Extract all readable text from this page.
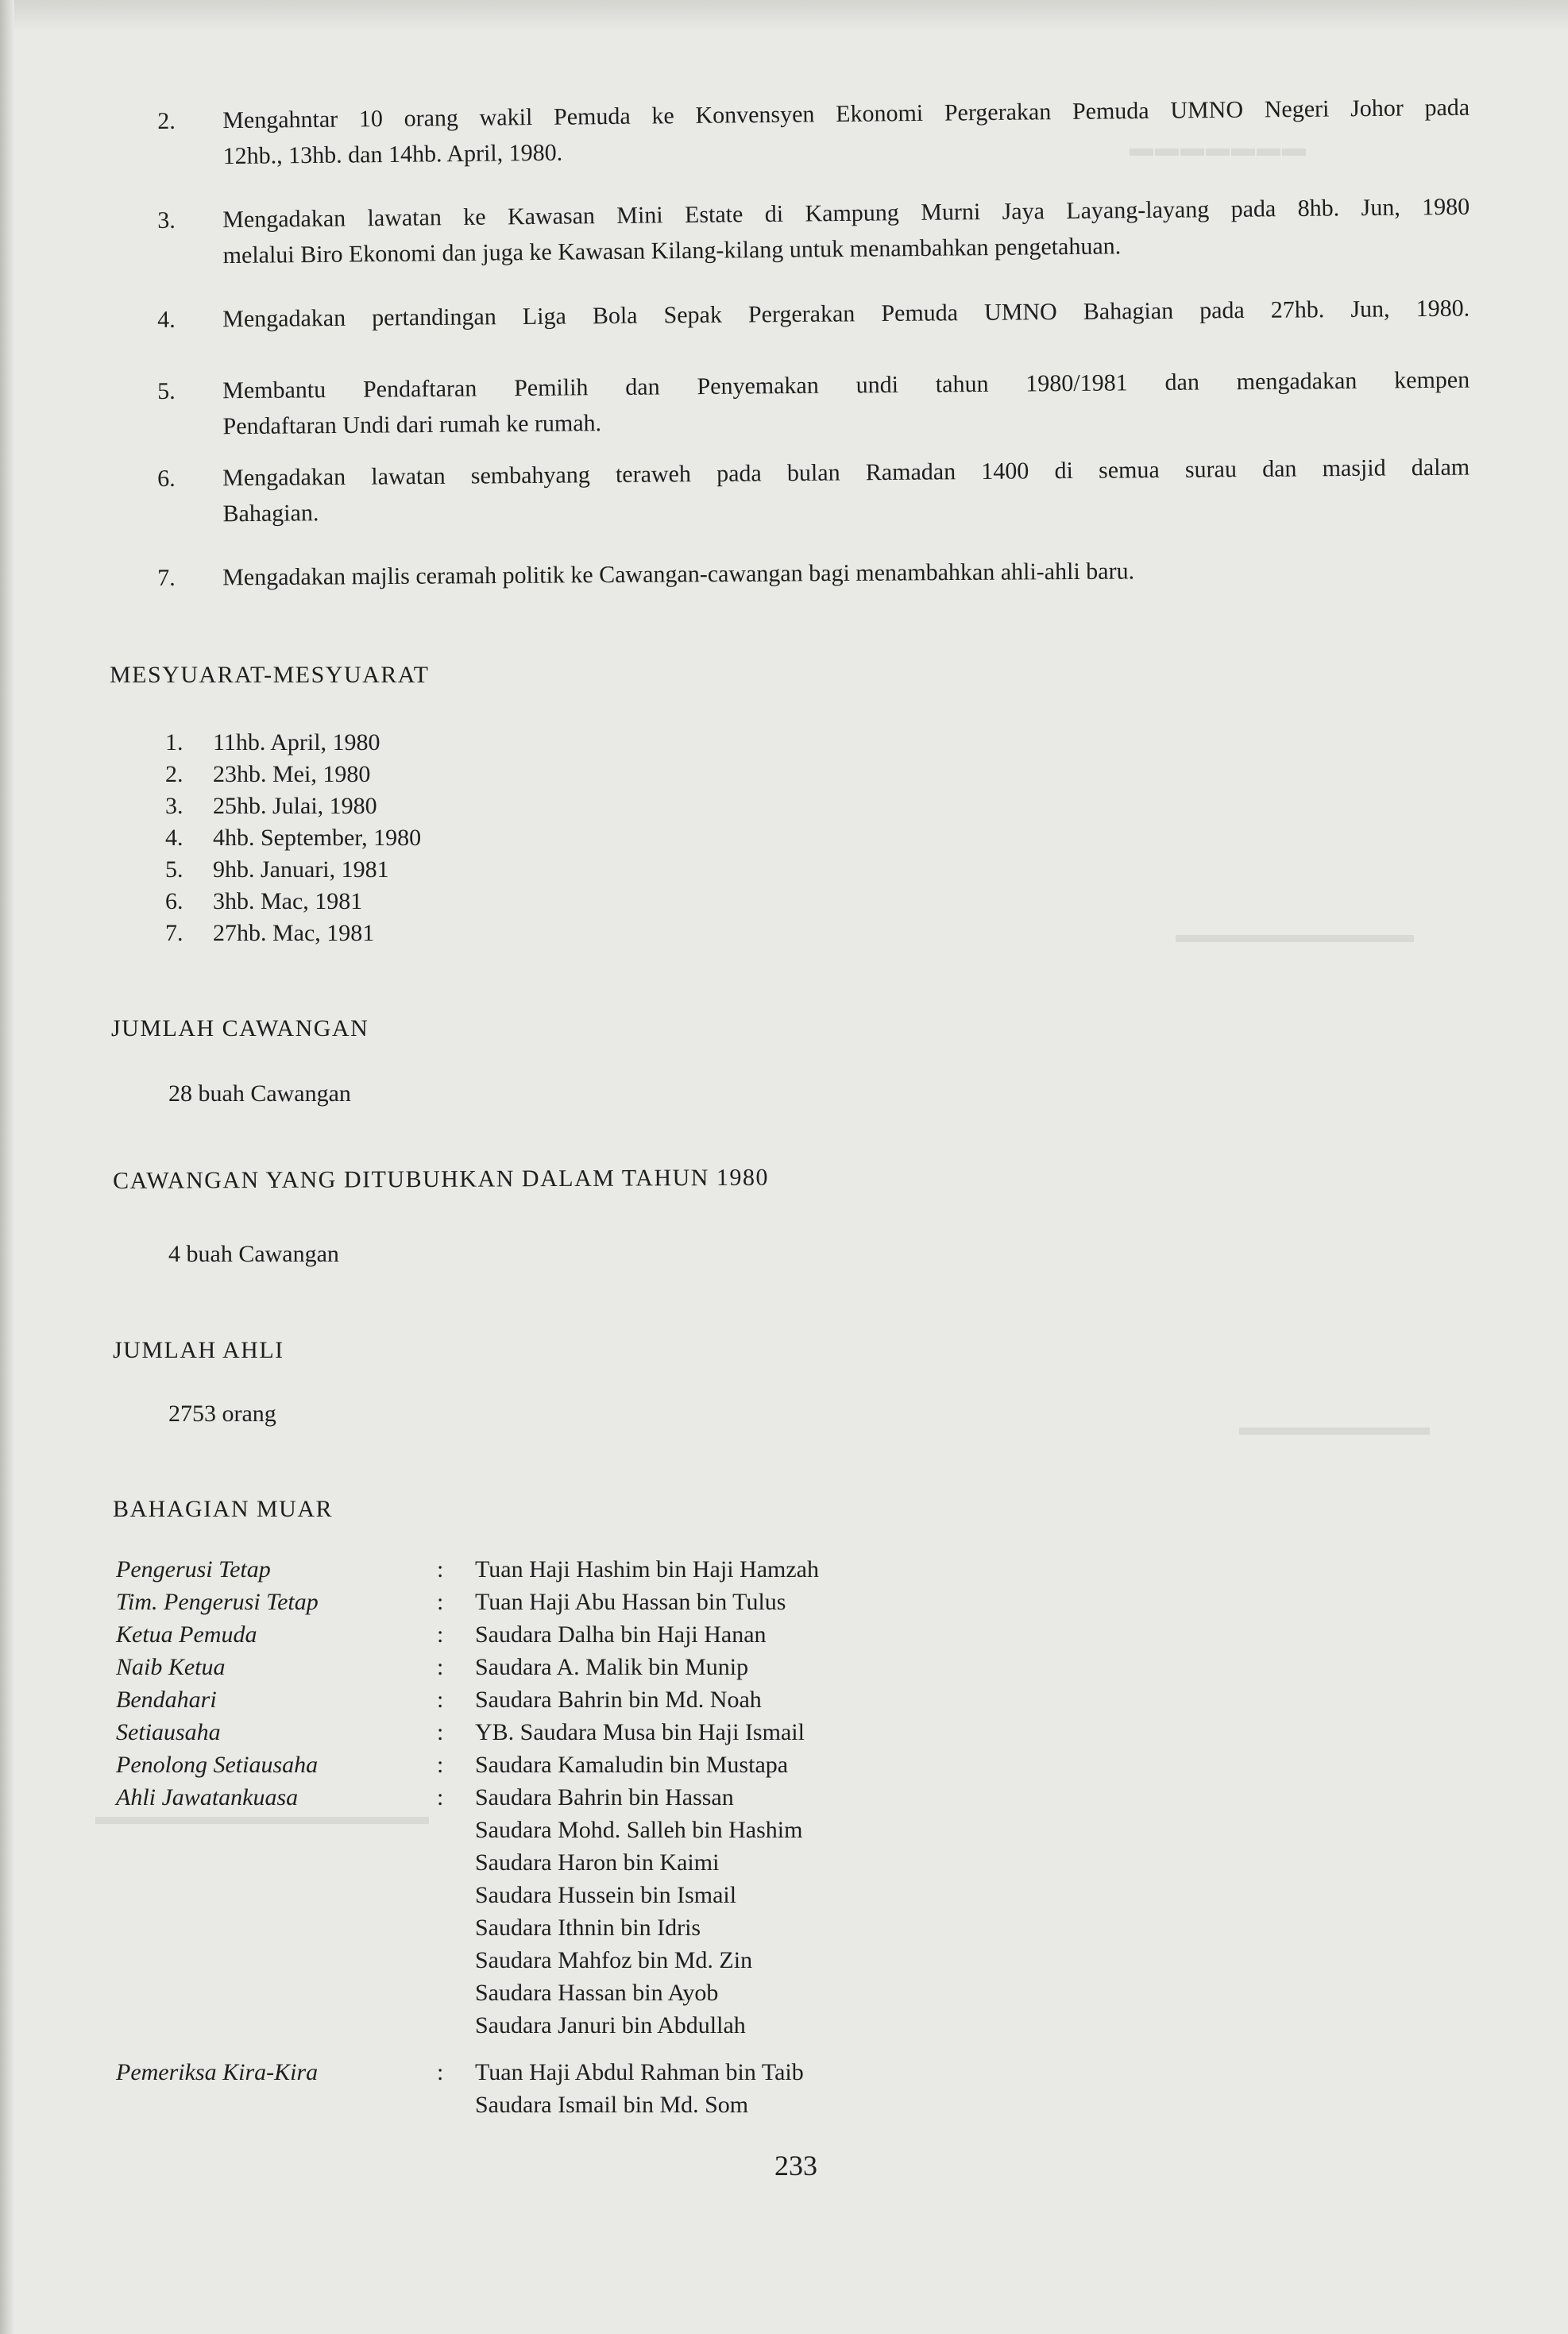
▬▬▬▬▬▬▬
▬▬▬▬▬▬▬▬▬▬
▬▬▬▬▬▬▬▬
▬▬▬▬▬▬▬▬▬▬▬▬▬▬
2. Mengahntar 10 orang wakil Pemuda ke Konvensyen Ekonomi Pergerakan Pemuda UMNO Negeri Johor pada
12hb., 13hb. dan 14hb. April, 1980.
3. Mengadakan lawatan ke Kawasan Mini Estate di Kampung Murni Jaya Layang-layang pada 8hb. Jun, 1980
melalui Biro Ekonomi dan juga ke Kawasan Kilang-kilang untuk menambahkan pengetahuan.
4. Mengadakan pertandingan Liga Bola Sepak Pergerakan Pemuda UMNO Bahagian pada 27hb. Jun, 1980.
5. Membantu Pendaftaran Pemilih dan Penyemakan undi tahun 1980/1981 dan mengadakan kempen
Pendaftaran Undi dari rumah ke rumah.
6. Mengadakan lawatan sembahyang teraweh pada bulan Ramadan 1400 di semua surau dan masjid dalam
Bahagian.
7. Mengadakan majlis ceramah politik ke Cawangan-cawangan bagi menambahkan ahli-ahli baru.
MESYUARAT-MESYUARAT
1. 11hb. April, 1980
2. 23hb. Mei, 1980
3. 25hb. Julai, 1980
4. 4hb. September, 1980
5. 9hb. Januari, 1981
6. 3hb. Mac, 1981
7. 27hb. Mac, 1981
JUMLAH CAWANGAN
28 buah Cawangan
CAWANGAN YANG DITUBUHKAN DALAM TAHUN 1980
4 buah Cawangan
JUMLAH AHLI
2753 orang
BAHAGIAN MUAR
Pengerusi Tetap	: Tuan Haji Hashim bin Haji Hamzah
Tim. Pengerusi Tetap	: Tuan Haji Abu Hassan bin Tulus
Ketua Pemuda	: Saudara Dalha bin Haji Hanan
Naib Ketua	: Saudara A. Malik bin Munip
Bendahari	: Saudara Bahrin bin Md. Noah
Setiausaha	: YB. Saudara Musa bin Haji Ismail
Penolong Setiausaha	: Saudara Kamaludin bin Mustapa
Ahli Jawatankuasa	: Saudara Bahrin bin Hassan
Saudara Mohd. Salleh bin Hashim
Saudara Haron bin Kaimi
Saudara Hussein bin Ismail
Saudara Ithnin bin Idris
Saudara Mahfoz bin Md. Zin
Saudara Hassan bin Ayob
Saudara Januri bin Abdullah
Pemeriksa Kira-Kira	: Tuan Haji Abdul Rahman bin Taib
Saudara Ismail bin Md. Som
233
